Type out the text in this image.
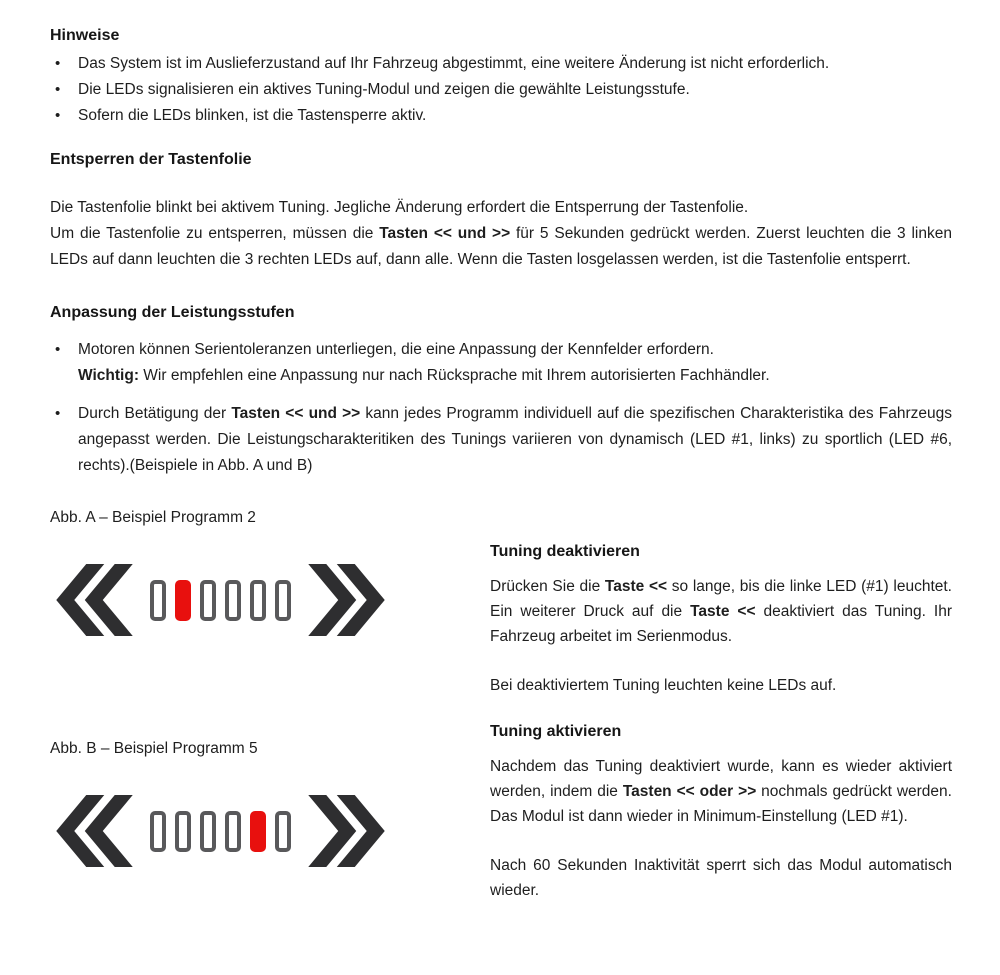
Hinweise
• Das System ist im Auslieferzustand auf Ihr Fahrzeug abgestimmt, eine weitere Änderung ist nicht erforderlich.
• Die LEDs signalisieren ein aktives Tuning-Modul und zeigen die gewählte Leistungsstufe.
• Sofern die LEDs blinken, ist die Tastensperre aktiv.
Entsperren der Tastenfolie
Die Tastenfolie blinkt bei aktivem Tuning. Jegliche Änderung erfordert die Entsperrung der Tastenfolie.
Um die Tastenfolie zu entsperren, müssen die Tasten << und >> für 5 Sekunden gedrückt werden. Zuerst leuchten die 3 linken LEDs auf dann leuchten die 3 rechten LEDs auf, dann alle. Wenn die Tasten losgelassen werden, ist die Tastenfolie entsperrt.
Anpassung der Leistungsstufen
• Motoren können Serientoleranzen unterliegen, die eine Anpassung der Kennfelder erfordern.
Wichtig: Wir empfehlen eine Anpassung nur nach Rücksprache mit Ihrem autorisierten Fachhändler.
• Durch Betätigung der Tasten << und >> kann jedes Programm individuell auf die spezifischen Charakteristika des Fahrzeugs angepasst werden. Die Leistungscharakteritiken des Tunings variieren von dynamisch (LED #1, links) zu sportlich (LED #6, rechts).(Beispiele in Abb. A und B)
Abb. A – Beispiel Programm 2
Abb. B – Beispiel Programm 5
Tuning deaktivieren

Drücken Sie die Taste << so lange, bis die linke LED (#1) leuchtet. Ein weiterer Druck auf die Taste << deaktiviert das Tuning. Ihr Fahrzeug arbeitet im Serienmodus.

Bei deaktiviertem Tuning leuchten keine LEDs auf.

Tuning aktivieren

Nachdem das Tuning deaktiviert wurde, kann es wieder aktiviert werden, indem die Tasten << oder >> nochmals gedrückt werden. Das Modul ist dann wieder in Minimum-Einstellung (LED #1).

Nach 60 Sekunden Inaktivität sperrt sich das Modul automatisch wieder.
